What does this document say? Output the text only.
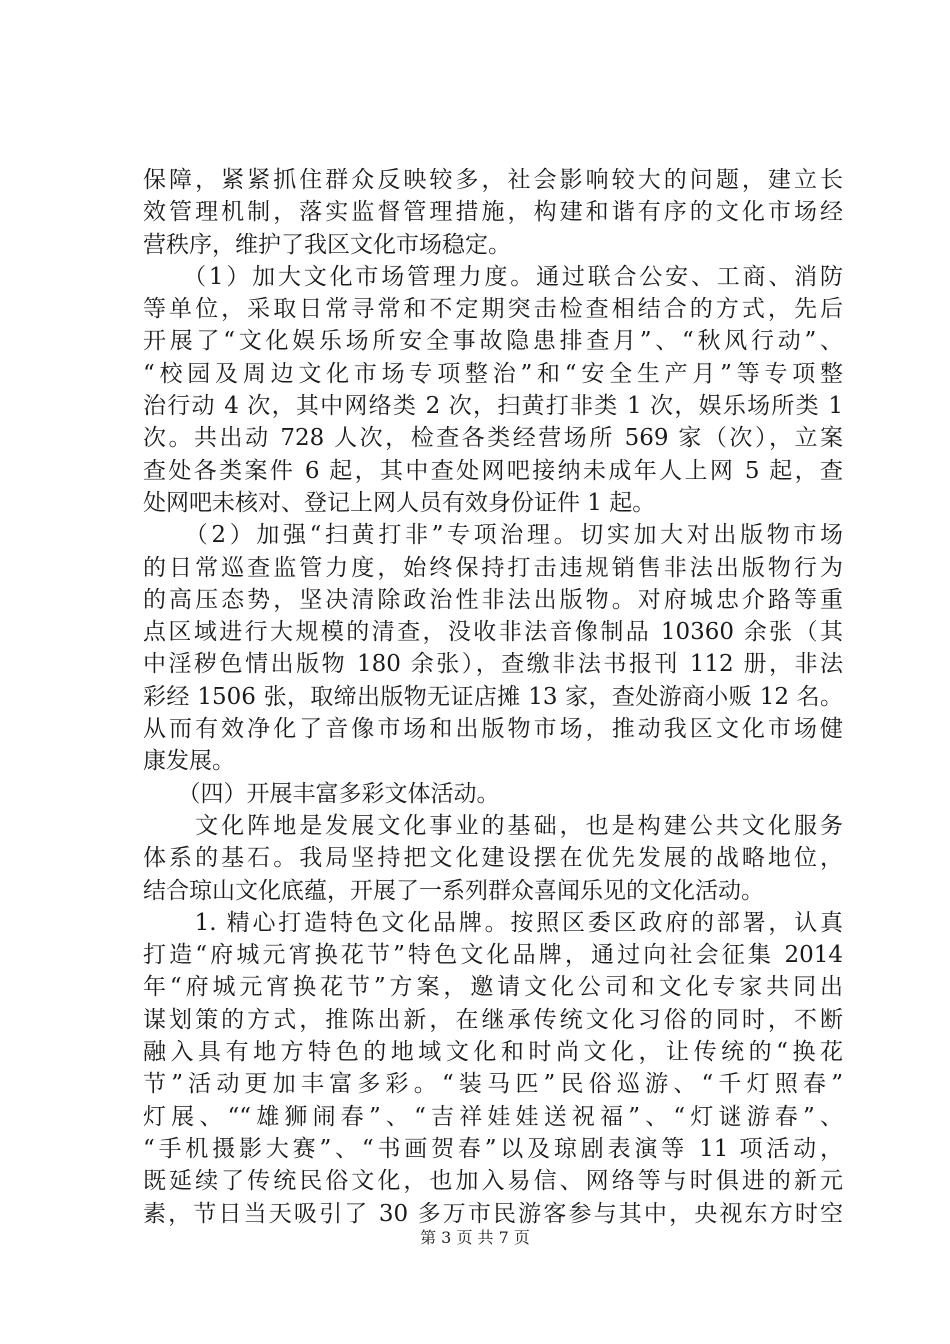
保障，紧紧抓住群众反映较多，社会影响较大的问题，建立长
效管理机制，落实监督管理措施，构建和谐有序的文化市场经
营秩序，维护了我区文化市场稳定。
　　（1）加大文化市场管理力度。通过联合公安、工商、消防
等单位，采取日常寻常和不定期突击检查相结合的方式，先后
开展了“文化娱乐场所安全事故隐患排查月”、“秋风行动”、
“校园及周边文化市场专项整治”和“安全生产月”等专项整
治行动 4 次，其中网络类 2 次，扫黄打非类 1 次，娱乐场所类 1
次。共出动 728 人次，检查各类经营场所 569 家（次），立案
查处各类案件 6 起，其中查处网吧接纳未成年人上网 5 起，查
处网吧未核对、登记上网人员有效身份证件 1 起。
　　（2）加强“扫黄打非”专项治理。切实加大对出版物市场
的日常巡查监管力度，始终保持打击违规销售非法出版物行为
的高压态势，坚决清除政治性非法出版物。对府城忠介路等重
点区域进行大规模的清查，没收非法音像制品 10360 余张（其
中淫秽色情出版物 180 余张），查缴非法书报刊 112 册，非法
彩经 1506 张，取缔出版物无证店摊 13 家，查处游商小贩 12 名。
从而有效净化了音像市场和出版物市场，推动我区文化市场健
康发展。
　　（四）开展丰富多彩文体活动。
　　文化阵地是发展文化事业的基础，也是构建公共文化服务
体系的基石。我局坚持把文化建设摆在优先发展的战略地位，
结合琼山文化底蕴，开展了一系列群众喜闻乐见的文化活动。
　　1. 精心打造特色文化品牌。按照区委区政府的部署，认真
打造“府城元宵换花节”特色文化品牌，通过向社会征集 2014
年“府城元宵换花节”方案，邀请文化公司和文化专家共同出
谋划策的方式，推陈出新，在继承传统文化习俗的同时，不断
融入具有地方特色的地域文化和时尚文化，让传统的“换花
节”活动更加丰富多彩。“装马匹”民俗巡游、“千灯照春”
灯展、““雄狮闹春”、“吉祥娃娃送祝福”、“灯谜游春”、
“手机摄影大赛”、“书画贺春”以及琼剧表演等 11 项活动，
既延续了传统民俗文化，也加入易信、网络等与时俱进的新元
素，节日当天吸引了 30 多万市民游客参与其中，央视东方时空
第 3 页 共 7 页
